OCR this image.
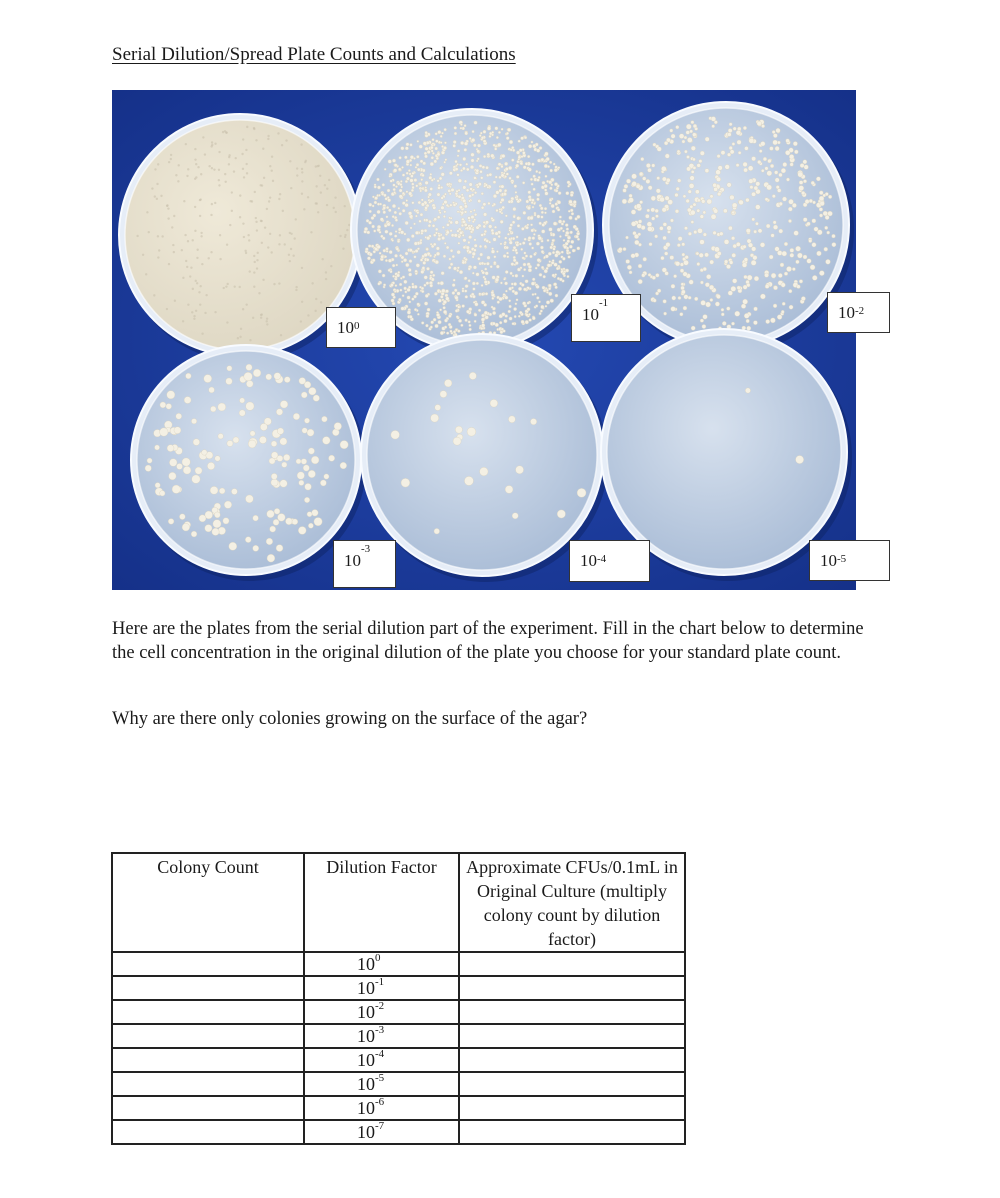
Serial Dilution/Spread Plate Counts and Calculations
$10^0$
10
$^{-1}$	$10^{-2}$
10
$^{-3}$
$10^{-4}$	$10^{-5}$
Here are the plates from the serial dilution part of the experiment. Fill in the chart below to determine the cell concentration in the original dilution of the plate you choose for your standard plate count.
Why are there only colonies growing on the surface of the agar?
Colony Count	Dilution Factor	Approximate CFUs/0.1mL in Original Culture (multiply colony count by dilution factor)
	$10^0$	
	$10^{-1}$	
	$10^{-2}$	
	$10^{-3}$	
	$10^{-4}$	
	$10^{-5}$	
	$10^{-6}$	
	$10^{-7}$	
